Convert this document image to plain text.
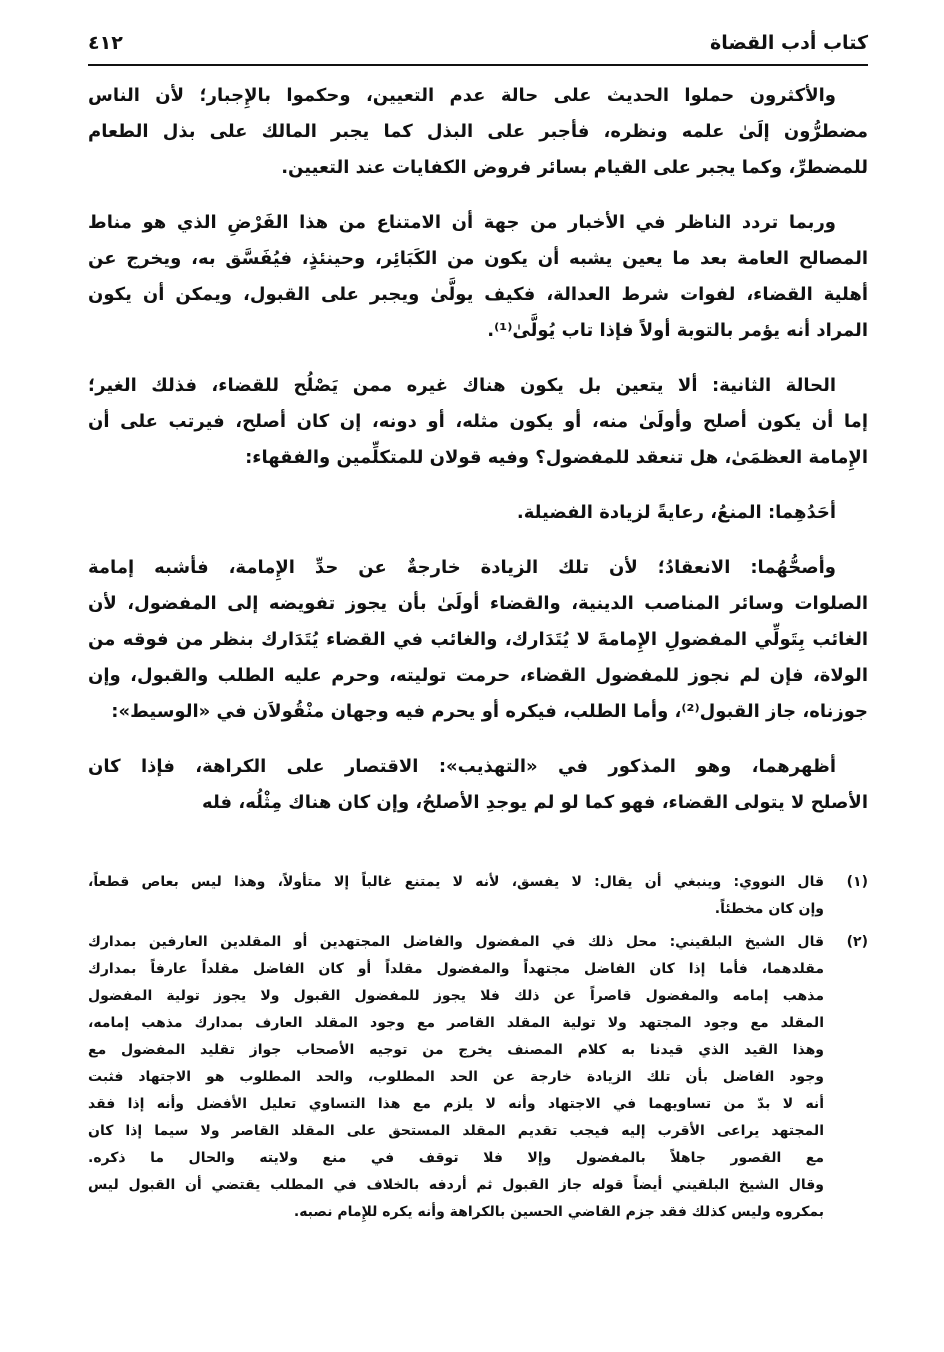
كتاب أدب القضاة
٤١٢
والأكثرون حملوا الحديث على حالة عدم التعيين، وحكموا بالإِجبار؛ لأن الناس
مضطرُّون إلَىٰ علمه ونظره، فأجبر على البذل كما يجبر المالك على بذل الطعام
للمضطرِّ، وكما يجبر على القيام بسائر فروض الكفايات عند التعيين.
وربما تردد الناظر في الأخبار من جهة أن الامتناع من هذا الفَرْضِ الذي هو مناط
المصالح العامة بعد ما يعين يشبه أن يكون من الكَبَائِر، وحينئذٍ، فيُفَسَّق به، ويخرج عن
أهلية القضاء، لفوات شرط العدالة، فكيف يولَّىٰ ويجبر على القبول، ويمكن أن يكون
المراد أنه يؤمر بالتوبة أولاً فإذا تاب يُولَّىٰ⁽¹⁾.
الحالة الثانية: ألا يتعين بل يكون هناك غيره ممن يَصْلُح للقضاء، فذلك الغير؛
إما أن يكون أصلح وأولَىٰ منه، أو يكون مثله، أو دونه، إن كان أصلح، فيرتب على أن
الإِمامة العظمَىٰ، هل تنعقد للمفضول؟ وفيه قولان للمتكلِّمين والفقهاء:
أحَدُهِما: المنعُ، رعايةً لزيادة الفضيلة.
وأصحُّهُما: الانعقادُ؛ لأن تلك الزيادة خارجةٌ عن حدِّ الإِمامة، فأشبه إمامة
الصلوات وسائر المناصب الدينية، والقضاء أولَىٰ بأن يجوز تفويضه إلى المفضول، لأن
الغائب بِتَولِّي المفضولِ الإِمامةَ لا يُتَدَارك، والغائب في القضاء يُتَدَارك بنظر من فوقه من
الولاة، فإن لم نجوز للمفضول القضاء، حرمت توليته، وحرم عليه الطلب والقبول، وإن
جوزناه، جاز القبول⁽²⁾، وأما الطلب، فيكره أو يحرم فيه وجهان منْقُولاَن في «الوسيط»:
أظهرهما، وهو المذكور في «التهذيب»: الاقتصار على الكراهة، فإذا كان
الأصلح لا يتولى القضاء، فهو كما لو لم يوجدِ الأصلحُ، وإن كان هناك مِثْلُه، فله
(١)
قال النووي: وينبغي أن يقال: لا يفسق، لأنه لا يمتنع غالباً إلا متأولاً، وهذا ليس بعاص قطعاً،
وإن كان مخطئاً.
(٢)
قال الشيخ البلقيني: محل ذلك في المفضول والفاضل المجتهدين أو المقلدين العارفين بمدارك
مقلدهما، فأما إذا كان الفاضل مجتهداً والمفضول مقلداً أو كان الفاضل مقلداً عارفاً بمدارك
مذهب إمامه والمفضول قاصراً عن ذلك فلا يجوز للمفضول القبول ولا يجوز تولية المفضول
المقلد مع وجود المجتهد ولا تولية المقلد القاصر مع وجود المقلد العارف بمدارك مذهب إمامه،
وهذا القيد الذي قيدنا به كلام المصنف يخرج من توجيه الأصحاب جواز تقليد المفضول مع
وجود الفاضل بأن تلك الزيادة خارجة عن الحد المطلوب، والحد المطلوب هو الاجتهاد فثبت
أنه لا بدّ من تساويهما في الاجتهاد وأنه لا يلزم مع هذا التساوي تعليل الأفضل وأنه إذا فقد
المجتهد يراعى الأقرب إليه فيجب تقديم المقلد المستحق على المقلد القاصر ولا سيما إذا كان
مع القصور جاهلاً بالمفضول وإلا فلا توقف في منع ولايته والحال ما ذكره.
وقال الشيخ البلقيني أيضاً قوله جاز القبول ثم أردفه بالخلاف في المطلب يقتضي أن القبول ليس
بمكروه وليس كذلك فقد جزم القاضي الحسين بالكراهة وأنه يكره للإِمام نصبه.
